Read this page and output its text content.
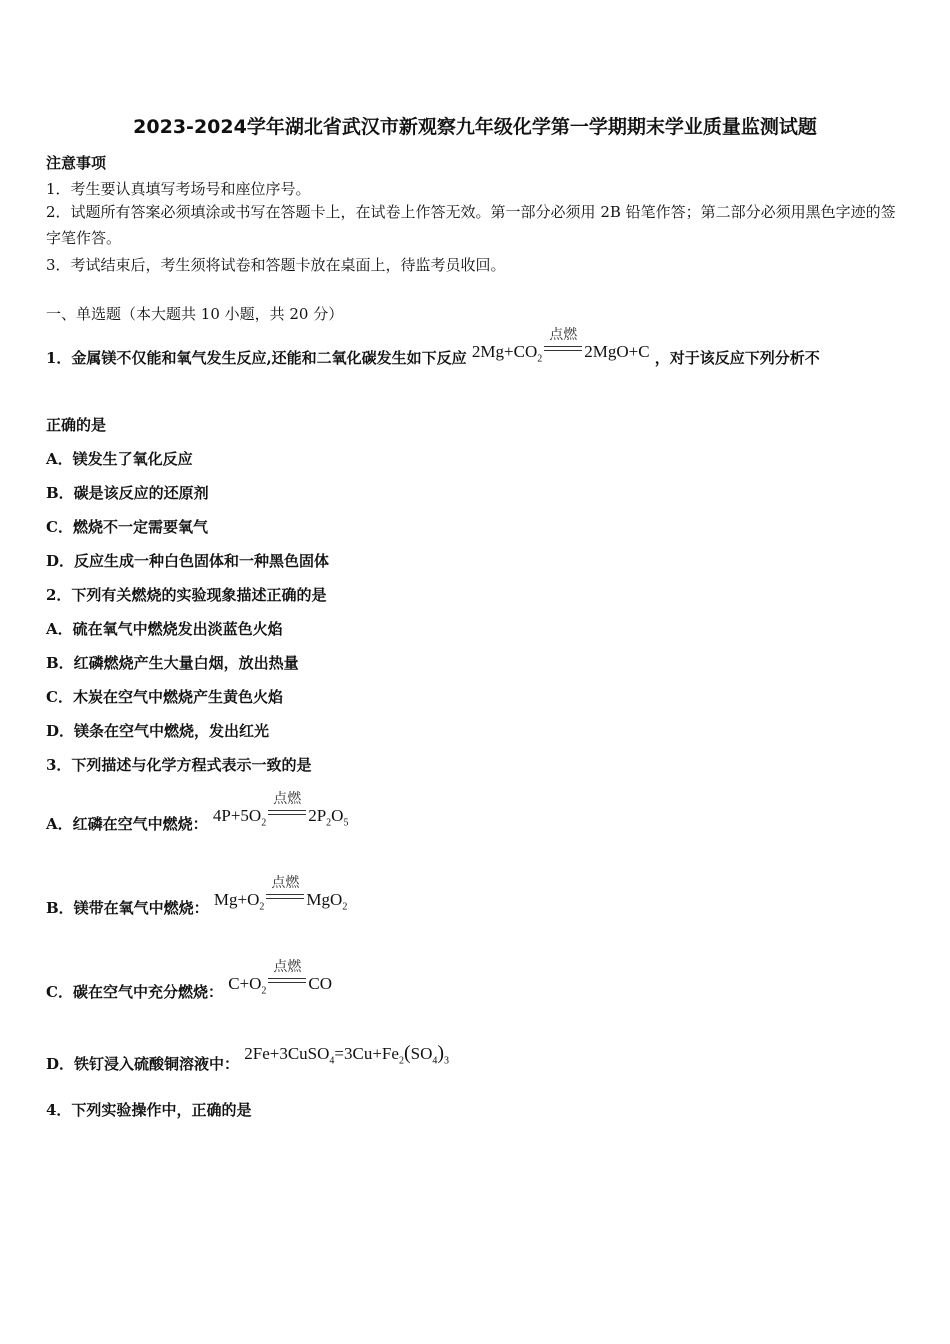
2023-2024学年湖北省武汉市新观察九年级化学第一学期期末学业质量监测试题
注意事项
1．考生要认真填写考场号和座位序号。
2．试题所有答案必须填涂或书写在答题卡上，在试卷上作答无效。第一部分必须用 2B 铅笔作答；第二部分必须用黑色字迹的签字笔作答。
3．考试结束后，考生须将试卷和答题卡放在桌面上，待监考员收回。
一、单选题（本大题共 10 小题，共 20 分）
1．金属镁不仅能和氧气发生反应,还能和二氧化碳发生如下反应 $2Mg+CO_2$
点燃
2MgO+C ，对于该反应下列分析不
正确的是
A．镁发生了氧化反应
B．碳是该反应的还原剂
C．燃烧不一定需要氧气
D．反应生成一种白色固体和一种黑色固体
2．下列有关燃烧的实验现象描述正确的是
A．硫在氧气中燃烧发出淡蓝色火焰
B．红磷燃烧产生大量白烟，放出热量
C．木炭在空气中燃烧产生黄色火焰
D．镁条在空气中燃烧，发出红光
3．下列描述与化学方程式表示一致的是
A．红磷在空气中燃烧： $4P+5O_2$
点燃
$2P_2O_5$
B．镁带在氧气中燃烧： $Mg+O_2$
点燃
MgO$_2$
C．碳在空气中充分燃烧： $C+O_2$
点燃
CO
D．铁钉浸入硫酸铜溶液中： $2Fe+3CuSO_4=3Cu+Fe_2(SO_4)_3$
4．下列实验操作中，正确的是
